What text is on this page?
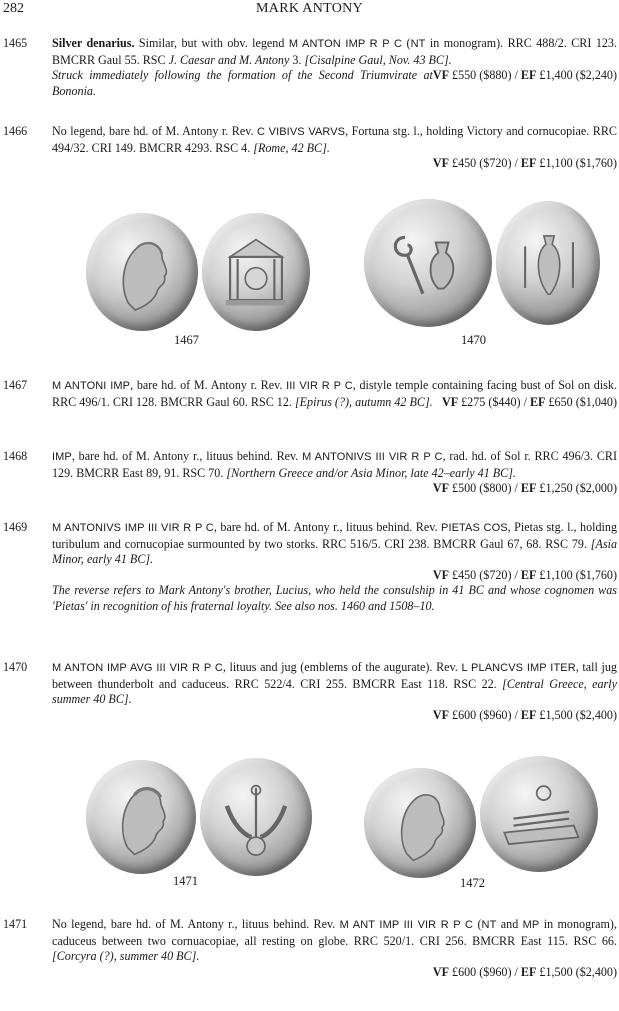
282	MARK ANTONY
1465 Silver denarius. Similar, but with obv. legend M ANTON IMP R P C (NT in monogram). RRC 488/2. CRI 123. BMCRR Gaul 55. RSC J. Caesar and M. Antony 3. [Cisalpine Gaul, Nov. 43 BC].
VF £550 ($880) / EF £1,400 ($2,240)

Struck immediately following the formation of the Second Triumvirate at Bononia.

1466 No legend, bare hd. of M. Antony r. Rev. C VIBIVS VARVS, Fortuna stg. l., holding Victory and cornucopiae. RRC 494/32. CRI 149. BMCRR 4293. RSC 4. [Rome, 42 BC].

VF £450 ($720) / EF £1,100 ($1,760)
1467	1470
1467 M ANTONI IMP, bare hd. of M. Antony r. Rev. III VIR R P C, distyle temple containing facing bust of Sol on disk. RRC 496/1. CRI 128. BMCRR Gaul 60. RSC 12. [Epirus (?), autumn 42 BC]. VF £275 ($440) / EF £650 ($1,040)

1468 IMP, bare hd. of M. Antony r., lituus behind. Rev. M ANTONIVS III VIR R P C, rad. hd. of Sol r. RRC 496/3. CRI 129. BMCRR East 89, 91. RSC 70. [Northern Greece and/or Asia Minor, late 42–early 41 BC].
VF £500 ($800) / EF £1,250 ($2,000)

1469 M ANTONIVS IMP III VIR R P C, bare hd. of M. Antony r., lituus behind. Rev. PIETAS COS, Pietas stg. l., holding turibulum and cornucopiae surmounted by two storks. RRC 516/5. CRI 238. BMCRR Gaul 67, 68. RSC 79. [Asia Minor, early 41 BC].

VF £450 ($720) / EF £1,100 ($1,760)

The reverse refers to Mark Antony's brother, Lucius, who held the consulship in 41 BC and whose cognomen was 'Pietas' in recognition of his fraternal loyalty. See also nos. 1460 and 1508–10.

1470 M ANTON IMP AVG III VIR R P C, lituus and jug (emblems of the augurate). Rev. L PLANCVS IMP ITER, tall jug between thunderbolt and caduceus. RRC 522/4. CRI 255. BMCRR East 118. RSC 22. [Central Greece, early summer 40 BC].

VF £600 ($960) / EF £1,500 ($2,400)
1471	1472
1471 No legend, bare hd. of M. Antony r., lituus behind. Rev. M ANT IMP III VIR R P C (NT and MP in monogram), caduceus between two cornuacopiae, all resting on globe. RRC 520/1. CRI 256. BMCRR East 115. RSC 66. [Corcyra (?), summer 40 BC].

VF £600 ($960) / EF £1,500 ($2,400)
